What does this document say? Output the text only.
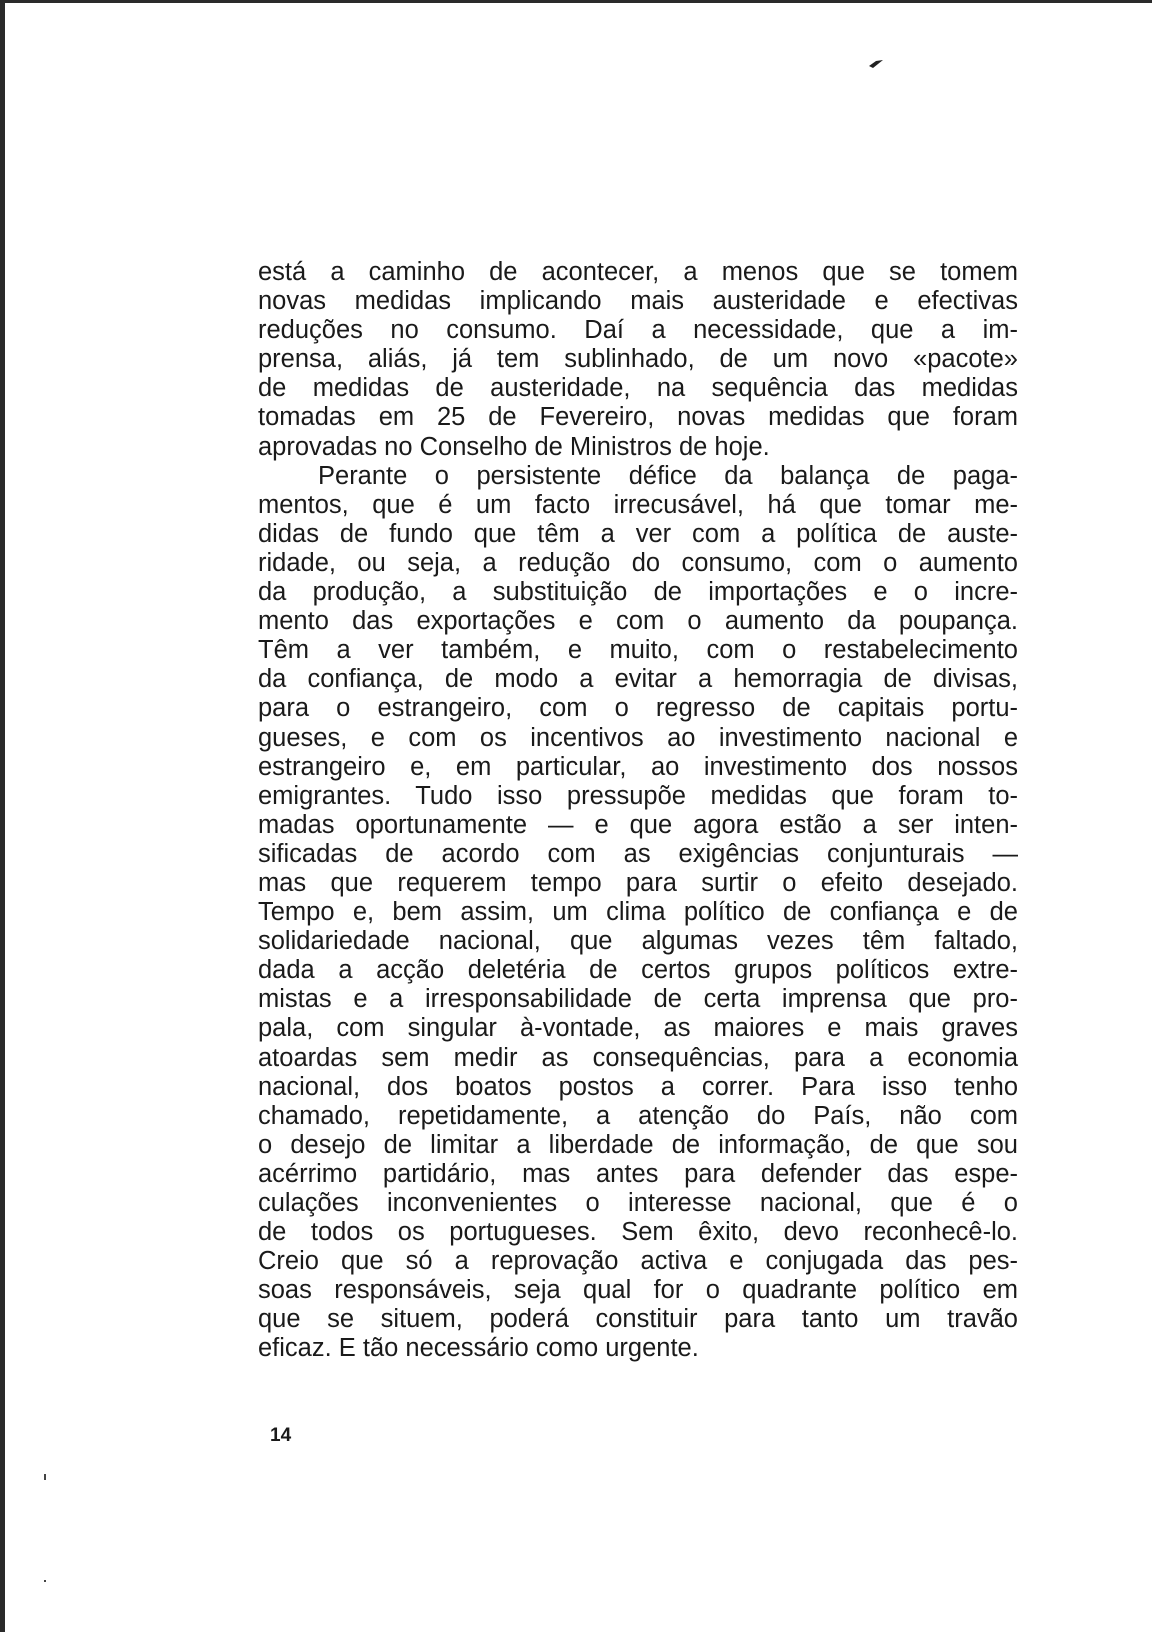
está a caminho de acontecer, a menos que se tomem
novas medidas implicando mais austeridade e efectivas
reduções no consumo. Daí a necessidade, que a im-
prensa, aliás, já tem sublinhado, de um novo «pacote»
de medidas de austeridade, na sequência das medidas
tomadas em 25 de Fevereiro, novas medidas que foram
aprovadas no Conselho de Ministros de hoje.
Perante o persistente défice da balança de paga-
mentos, que é um facto irrecusável, há que tomar me-
didas de fundo que têm a ver com a política de auste-
ridade, ou seja, a redução do consumo, com o aumento
da produção, a substituição de importações e o incre-
mento das exportações e com o aumento da poupança.
Têm a ver também, e muito, com o restabelecimento
da confiança, de modo a evitar a hemorragia de divisas,
para o estrangeiro, com o regresso de capitais portu-
gueses, e com os incentivos ao investimento nacional e
estrangeiro e, em particular, ao investimento dos nossos
emigrantes. Tudo isso pressupõe medidas que foram to-
madas oportunamente — e que agora estão a ser inten-
sificadas de acordo com as exigências conjunturais —
mas que requerem tempo para surtir o efeito desejado.
Tempo e, bem assim, um clima político de confiança e de
solidariedade nacional, que algumas vezes têm faltado,
dada a acção deletéria de certos grupos políticos extre-
mistas e a irresponsabilidade de certa imprensa que pro-
pala, com singular à-vontade, as maiores e mais graves
atoardas sem medir as consequências, para a economia
nacional, dos boatos postos a correr. Para isso tenho
chamado, repetidamente, a atenção do País, não com
o desejo de limitar a liberdade de informação, de que sou
acérrimo partidário, mas antes para defender das espe-
culações inconvenientes o interesse nacional, que é o
de todos os portugueses. Sem êxito, devo reconhecê-lo.
Creio que só a reprovação activa e conjugada das pes-
soas responsáveis, seja qual for o quadrante político em
que se situem, poderá constituir para tanto um travão
eficaz. E tão necessário como urgente.
14
